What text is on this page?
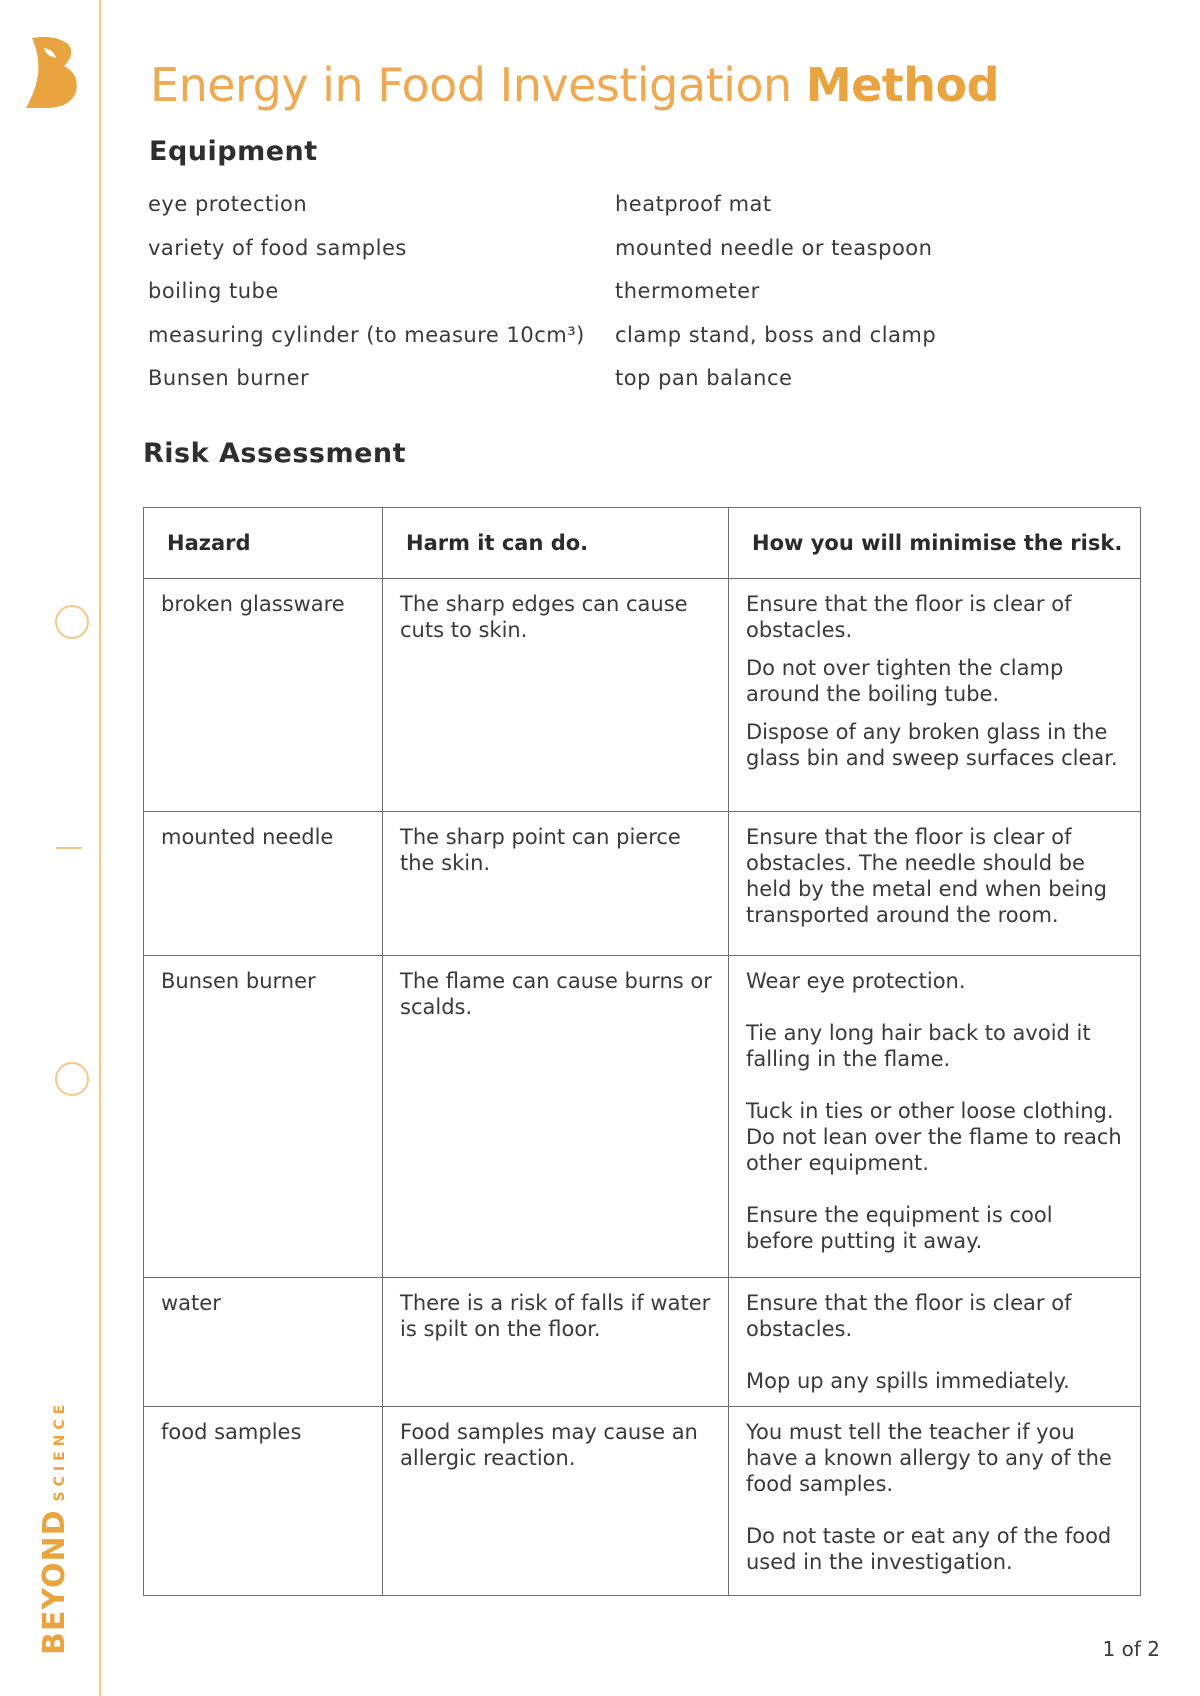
BEYONDSCIENCE
Energy in Food Investigation Method
Equipment
eye protection	heatproof mat
variety of food samples	mounted needle or teaspoon
boiling tube	thermometer
measuring cylinder (to measure 10cm³)	clamp stand, boss and clamp
Bunsen burner	top pan balance
Risk Assessment
Hazard	Harm it can do.	How you will minimise the risk.
broken glassware	The sharp edges can cause cuts to skin.	Ensure that the floor is clear of obstacles.

Do not over tighten the clamp around the boiling tube.

Dispose of any broken glass in the glass bin and sweep surfaces clear.

mounted needle	The sharp point can pierce the skin.	Ensure that the floor is clear of obstacles. The needle should be held by the metal end when being transported around the room.

Bunsen burner	The flame can cause burns or scalds.	Wear eye protection.

Tie any long hair back to avoid it falling in the flame.

Tuck in ties or other loose clothing. Do not lean over the flame to reach other equipment.

Ensure the equipment is cool before putting it away.

water	There is a risk of falls if water is spilt on the floor.	Ensure that the floor is clear of obstacles.

Mop up any spills immediately.

food samples	Food samples may cause an allergic reaction.	You must tell the teacher if you have a known allergy to any of the food samples.

Do not taste or eat any of the food used in the investigation.

1 of 2
